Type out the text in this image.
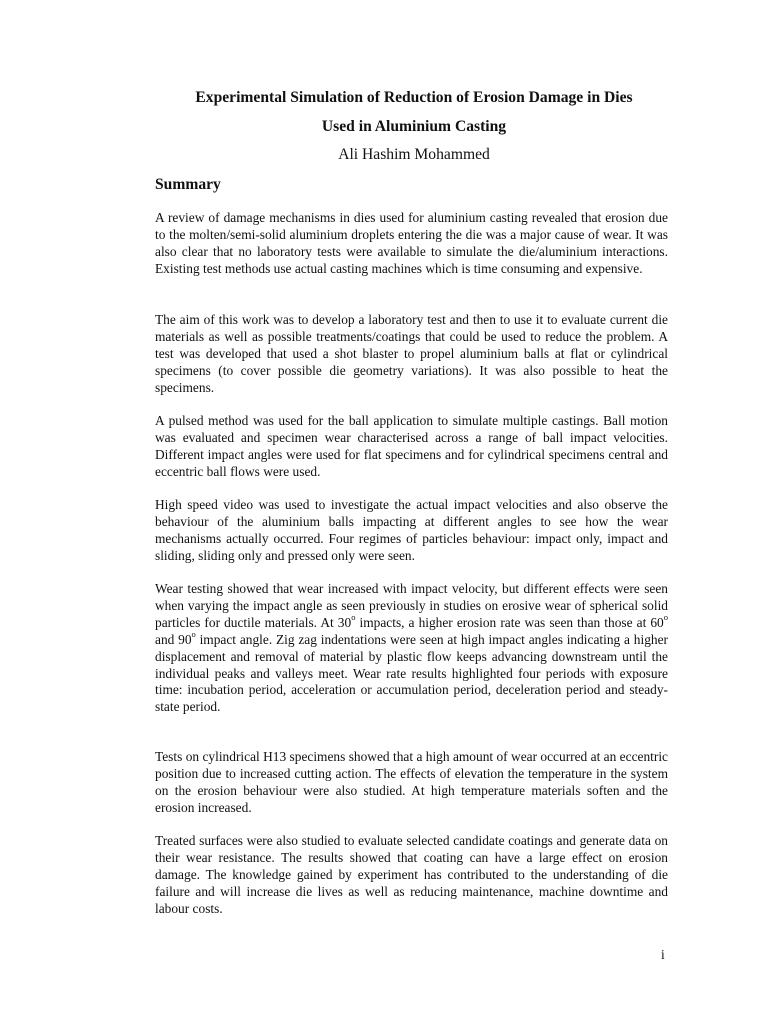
Experimental Simulation of Reduction of Erosion Damage in Dies
Used in Aluminium Casting

Ali Hashim Mohammed

Summary

A review of damage mechanisms in dies used for aluminium casting revealed that erosion due to the molten/semi-solid aluminium droplets entering the die was a major cause of wear. It was also clear that no laboratory tests were available to simulate the die/aluminium interactions. Existing test methods use actual casting machines which is time consuming and expensive.

The aim of this work was to develop a laboratory test and then to use it to evaluate current die materials as well as possible treatments/coatings that could be used to reduce the problem. A test was developed that used a shot blaster to propel aluminium balls at flat or cylindrical specimens (to cover possible die geometry variations). It was also possible to heat the specimens.

A pulsed method was used for the ball application to simulate multiple castings. Ball motion was evaluated and specimen wear characterised across a range of ball impact velocities. Different impact angles were used for flat specimens and for cylindrical specimens central and eccentric ball flows were used.

High speed video was used to investigate the actual impact velocities and also observe the behaviour of the aluminium balls impacting at different angles to see how the wear mechanisms actually occurred. Four regimes of particles behaviour: impact only, impact and sliding, sliding only and pressed only were seen.

Wear testing showed that wear increased with impact velocity, but different effects were seen when varying the impact angle as seen previously in studies on erosive wear of spherical solid particles for ductile materials. At 30$^o$ impacts, a higher erosion rate was seen than those at 60$^o$ and 90$^o$ impact angle. Zig zag indentations were seen at high impact angles indicating a higher displacement and removal of material by plastic flow keeps advancing downstream until the individual peaks and valleys meet. Wear rate results highlighted four periods with exposure time: incubation period, acceleration or accumulation period, deceleration period and steady-state period.

Tests on cylindrical H13 specimens showed that a high amount of wear occurred at an eccentric position due to increased cutting action. The effects of elevation the temperature in the system on the erosion behaviour were also studied. At high temperature materials soften and the erosion increased.

Treated surfaces were also studied to evaluate selected candidate coatings and generate data on their wear resistance. The results showed that coating can have a large effect on erosion damage. The knowledge gained by experiment has contributed to the understanding of die failure and will increase die lives as well as reducing maintenance, machine downtime and labour costs.

i
